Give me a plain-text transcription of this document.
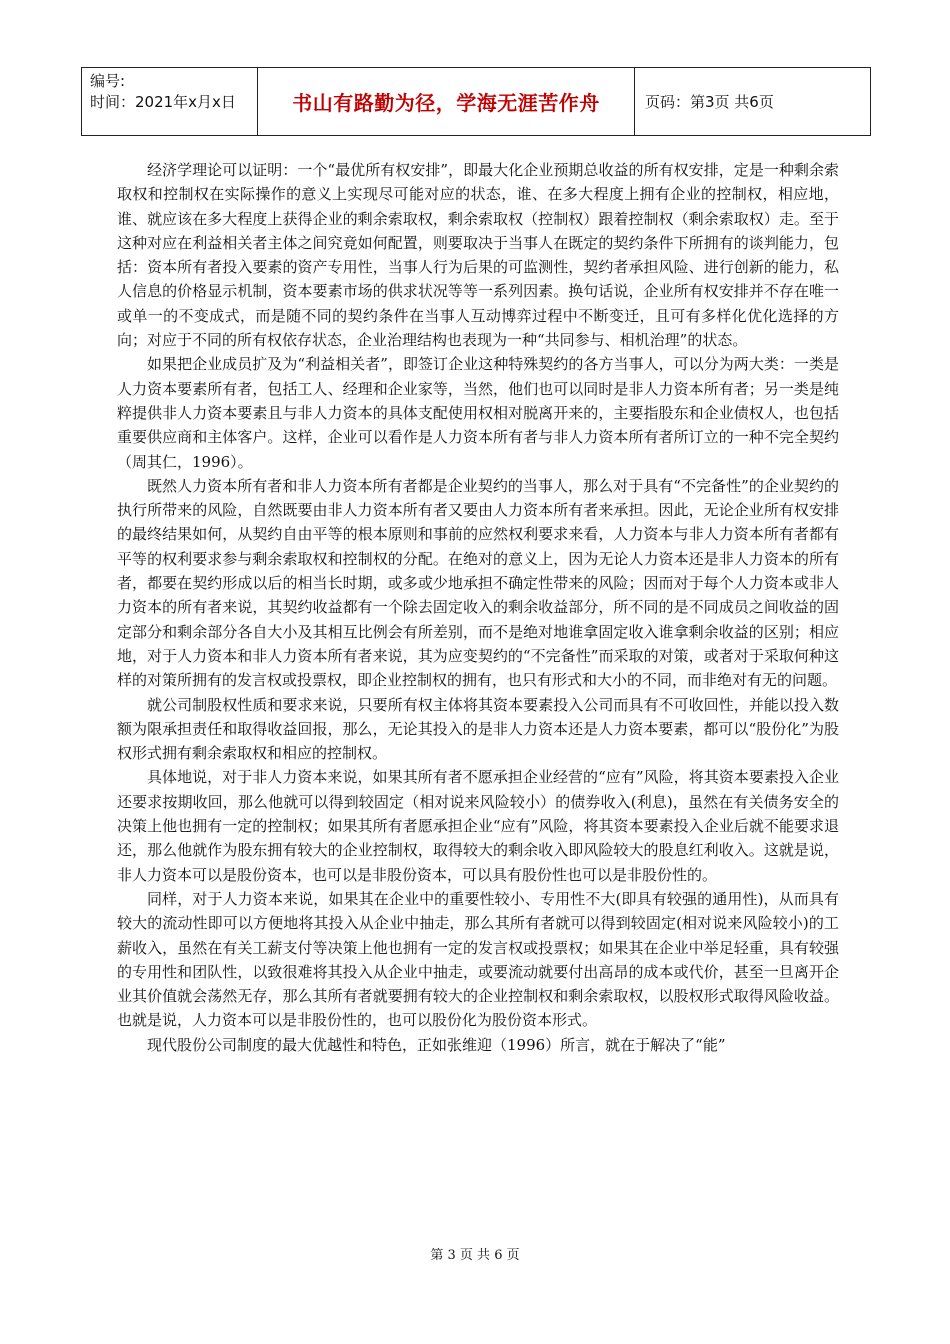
编号:
时间：2021年x月x日	书山有路勤为径，学海无涯苦作舟	页码：第3页 共6页

经济学理论可以证明：一个“最优所有权安排”，即最大化企业预期总收益的所有权安排，定是一种剩余索取权和控制权在实际操作的意义上实现尽可能对应的状态，谁、在多大程度上拥有企业的控制权，相应地，谁、就应该在多大程度上获得企业的剩余索取权，剩余索取权（控制权）跟着控制权（剩余索取权）走。至于这种对应在利益相关者主体之间究竟如何配置，则要取决于当事人在既定的契约条件下所拥有的谈判能力，包括：资本所有者投入要素的资产专用性，当事人行为后果的可监测性，契约者承担风险、进行创新的能力，私人信息的价格显示机制，资本要素市场的供求状况等等一系列因素。换句话说，企业所有权安排并不存在唯一或单一的不变成式，而是随不同的契约条件在当事人互动博弈过程中不断变迁，且可有多样化优化选择的方向；对应于不同的所有权依存状态，企业治理结构也表现为一种“共同参与、相机治理”的状态。

如果把企业成员扩及为“利益相关者”，即签订企业这种特殊契约的各方当事人，可以分为两大类：一类是人力资本要素所有者，包括工人、经理和企业家等，当然，他们也可以同时是非人力资本所有者；另一类是纯粹提供非人力资本要素且与非人力资本的具体支配使用权相对脱离开来的，主要指股东和企业债权人，也包括重要供应商和主体客户。这样，企业可以看作是人力资本所有者与非人力资本所有者所订立的一种不完全契约（周其仁，1996）。

既然人力资本所有者和非人力资本所有者都是企业契约的当事人，那么对于具有“不完备性”的企业契约的执行所带来的风险，自然既要由非人力资本所有者又要由人力资本所有者来承担。因此，无论企业所有权安排的最终结果如何，从契约自由平等的根本原则和事前的应然权利要求来看，人力资本与非人力资本所有者都有平等的权利要求参与剩余索取权和控制权的分配。在绝对的意义上，因为无论人力资本还是非人力资本的所有者，都要在契约形成以后的相当长时期，或多或少地承担不确定性带来的风险；因而对于每个人力资本或非人力资本的所有者来说，其契约收益都有一个除去固定收入的剩余收益部分，所不同的是不同成员之间收益的固定部分和剩余部分各自大小及其相互比例会有所差别，而不是绝对地谁拿固定收入谁拿剩余收益的区别；相应地，对于人力资本和非人力资本所有者来说，其为应变契约的“不完备性”而采取的对策，或者对于采取何种这样的对策所拥有的发言权或投票权，即企业控制权的拥有，也只有形式和大小的不同，而非绝对有无的问题。

就公司制股权性质和要求来说，只要所有权主体将其资本要素投入公司而具有不可收回性，并能以投入数额为限承担责任和取得收益回报，那么，无论其投入的是非人力资本还是人力资本要素，都可以“股份化”为股权形式拥有剩余索取权和相应的控制权。

具体地说，对于非人力资本来说，如果其所有者不愿承担企业经营的“应有”风险，将其资本要素投入企业还要求按期收回，那么他就可以得到较固定（相对说来风险较小）的债券收入(利息)，虽然在有关债务安全的决策上他也拥有一定的控制权；如果其所有者愿承担企业“应有”风险，将其资本要素投入企业后就不能要求退还，那么他就作为股东拥有较大的企业控制权，取得较大的剩余收入即风险较大的股息红利收入。这就是说，非人力资本可以是股份资本，也可以是非股份资本，可以具有股份性也可以是非股份性的。

同样，对于人力资本来说，如果其在企业中的重要性较小、专用性不大(即具有较强的通用性)，从而具有较大的流动性即可以方便地将其投入从企业中抽走，那么其所有者就可以得到较固定(相对说来风险较小)的工薪收入，虽然在有关工薪支付等决策上他也拥有一定的发言权或投票权；如果其在企业中举足轻重，具有较强的专用性和团队性，以致很难将其投入从企业中抽走，或要流动就要付出高昂的成本或代价，甚至一旦离开企业其价值就会荡然无存，那么其所有者就要拥有较大的企业控制权和剩余索取权，以股权形式取得风险收益。也就是说，人力资本可以是非股份性的，也可以股份化为股份资本形式。

现代股份公司制度的最大优越性和特色，正如张维迎（1996）所言，就在于解决了“能”

第 3 页 共 6 页
